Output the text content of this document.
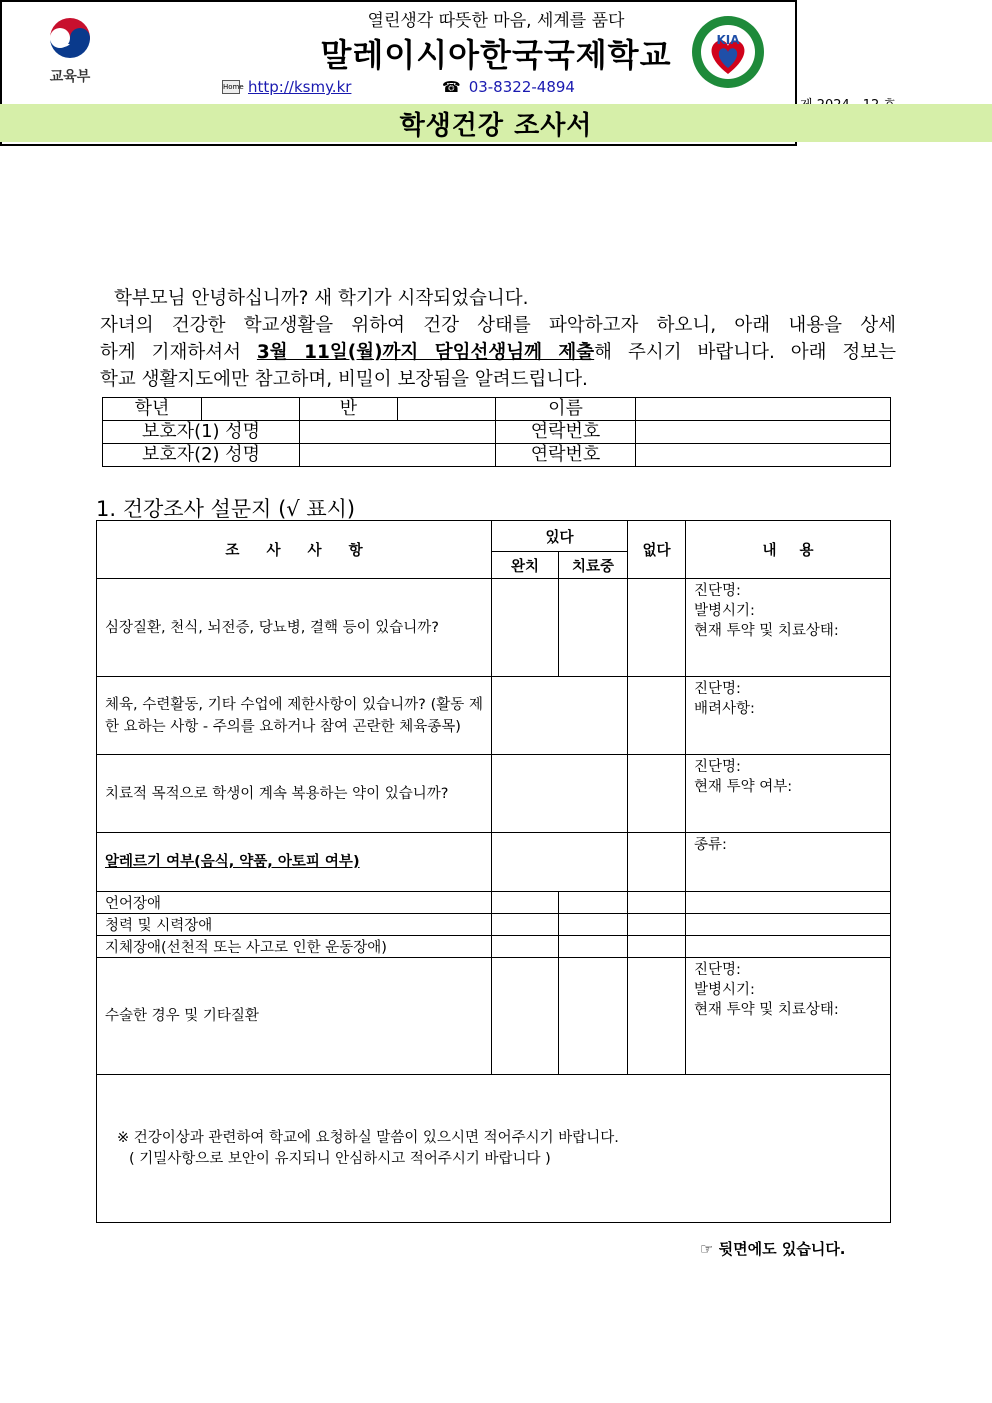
교육부
열린생각 따뜻한 마음, 세계를 품다
말레이시아한국국제학교
Home http://ksmy.kr	☎ 03-8322-4894
KIA
학생건강 조사서

학부모님 안녕하십니까? 새 학기가 시작되었습니다.

자녀의 건강한 학교생활을 위하여 건강 상태를 파악하고자 하오니, 아래 내용을 상세

하게 기재하셔서 3월 11일(월)까지 담임선생님께 제출해 주시기 바랍니다. 아래 정보는

학교 생활지도에만 참고하며, 비밀이 보장됨을 알려드립니다.

학년		반		이름	
보호자(1) 성명				연락번호	
보호자(2) 성명				연락번호	
1. 건강조사 설문지 (√ 표시)
조 사 사 항	있다		없다	내 용
	완치	치료중		
심장질환, 천식, 뇌전증, 당뇨병, 결핵 등이 있습니까?				진단명:
발병시기:
현재 투약 및 치료상태:

체육, 수련활동, 기타 수업에 제한사항이 있습니까? (활동 제한 요하는 사항 - 주의를 요하거나 참여 곤란한 체육종목)				진단명:
배려사항:

치료적 목적으로 학생이 계속 복용하는 약이 있습니까?				진단명:
현재 투약 여부:

알레르기 여부(음식, 약품, 아토피 여부)				종류:

언어장애				
청력 및 시력장애				
지체장애(선천적 또는 사고로 인한 운동장애)				
수술한 경우 및 기타질환				진단명:
발병시기:
현재 투약 및 치료상태:

※ 건강이상과 관련하여 학교에 요청하실 말씀이 있으시면 적어주시기 바랍니다.
( 기밀사항으로 보안이 유지되니 안심하시고 적어주시기 바랍니다 )				
☞ 뒷면에도 있습니다.
